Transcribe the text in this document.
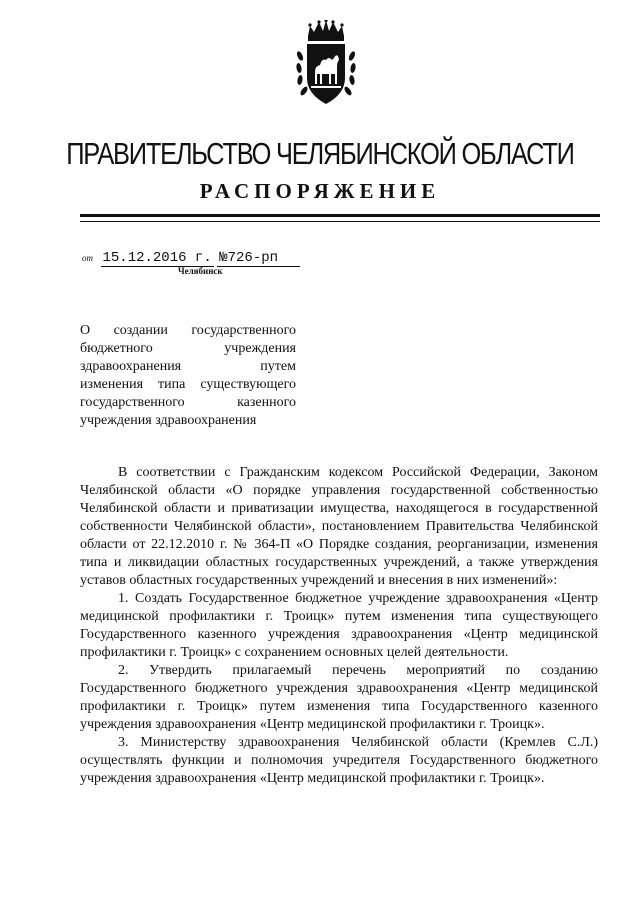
ПРАВИТЕЛЬСТВО ЧЕЛЯБИНСКОЙ ОБЛАСТИ
РАСПОРЯЖЕНИЕ
от 15.12.2016 г. №726-рп
Челябинск
О создании государственного
бюджетного учреждения
здравоохранения путем
изменения типа существующего
государственного казенного
учреждения здравоохранения

В соответствии с Гражданским кодексом Российской Федерации, Законом Челябинской области «О порядке управления государственной собственностью Челябинской области и приватизации имущества, находящегося в государственной собственности Челябинской области», постановлением Правительства Челябинской области от 22.12.2010 г. № 364-П «О Порядке создания, реорганизации, изменения типа и ликвидации областных государственных учреждений, а также утверждения уставов областных государственных учреждений и внесения в них изменений»:

1. Создать Государственное бюджетное учреждение здравоохранения «Центр медицинской профилактики г. Троицк» путем изменения типа существующего Государственного казенного учреждения здравоохранения «Центр медицинской профилактики г. Троицк» с сохранением основных целей деятельности.

2. Утвердить прилагаемый перечень мероприятий по созданию Государственного бюджетного учреждения здравоохранения «Центр медицинской профилактики г. Троицк» путем изменения типа Государственного казенного учреждения здравоохранения «Центр медицинской профилактики г. Троицк».

3. Министерству здравоохранения Челябинской области (Кремлев С.Л.) осуществлять функции и полномочия учредителя Государственного бюджетного учреждения здравоохранения «Центр медицинской профилактики г. Троицк».
